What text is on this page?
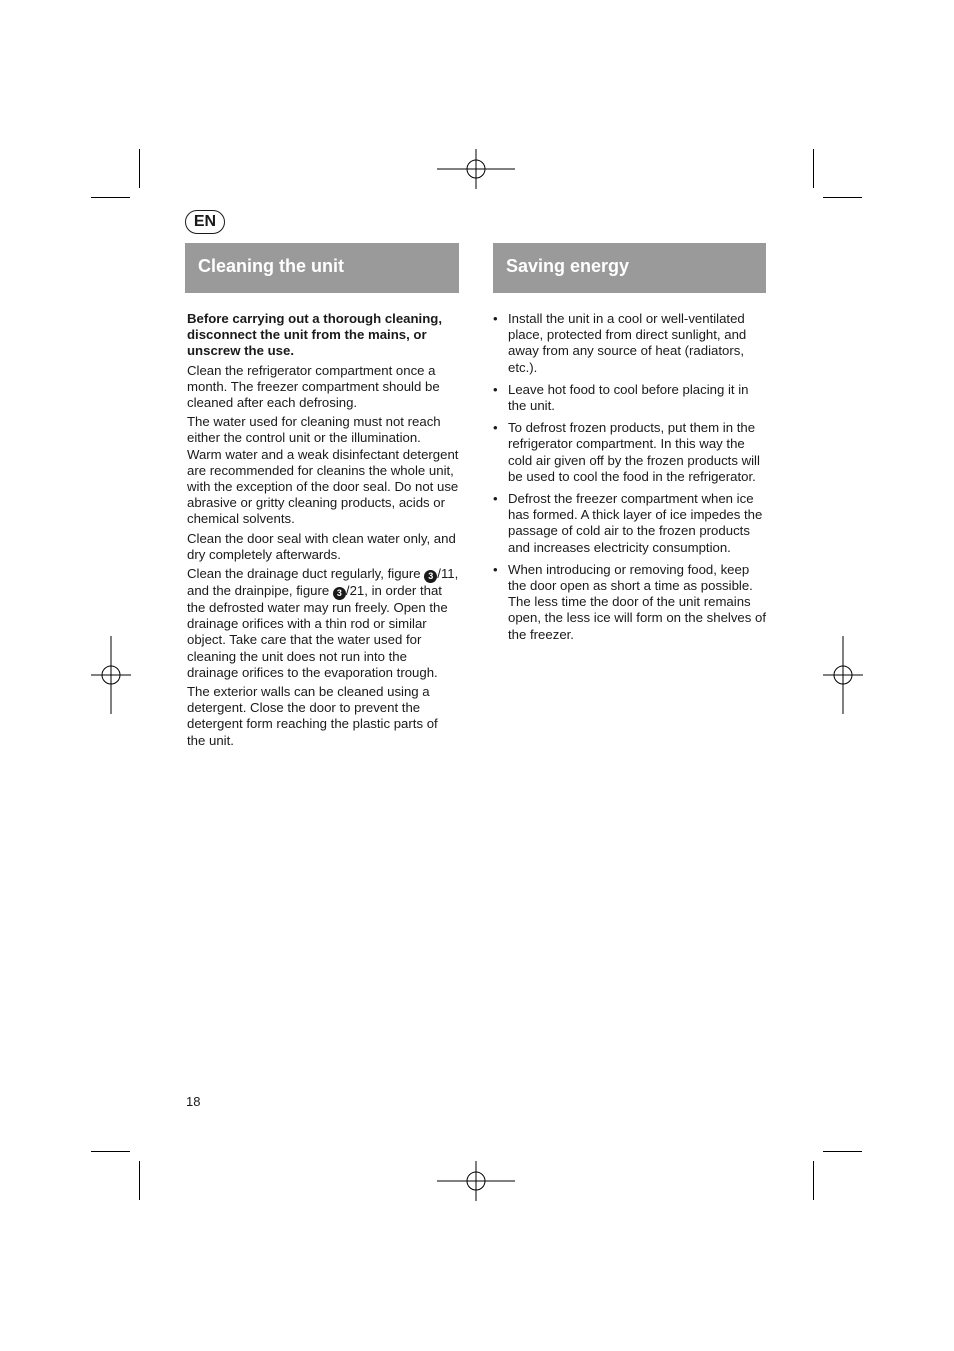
EN
Cleaning the unit	Saving energy

Before carrying out a thorough cleaning, disconnect the unit from the mains, or unscrew the use.

Clean the refrigerator compartment once a month. The freezer compartment should be cleaned after each defrosing.

The water used for cleaning must not reach either the control unit or the illumination. Warm water and a weak disinfectant detergent are recommended for cleanins the whole unit, with the exception of the door seal. Do not use abrasive or gritty cleaning products, acids or chemical solvents.

Clean the door seal with clean water only, and dry completely afterwards.

Clean the drainage duct regularly, figure 3 /11, and the drainpipe, figure 3 /21, in order that the defrosted water may run freely. Open the drainage orifices with a thin rod or similar object. Take care that the water used for cleaning the unit does not run into the drainage orifices to the evaporation trough.

The exterior walls can be cleaned using a detergent. Close the door to prevent the detergent form reaching the plastic parts of the unit.

• Install the unit in a cool or well-ventilated place, protected from direct sunlight, and away from any source of heat (radiators, etc.).
• Leave hot food to cool before placing it in the unit.
• To defrost frozen products, put them in the refrigerator compartment. In this way the cold air given off by the frozen products will be used to cool the food in the refrigerator.
• Defrost the freezer compartment when ice has formed. A thick layer of ice impedes the passage of cold air to the frozen products and increases electricity consumption.
• When introducing or removing food, keep the door open as short a time as possible. The less time the door of the unit remains open, the less ice will form on the shelves of the freezer.
18
